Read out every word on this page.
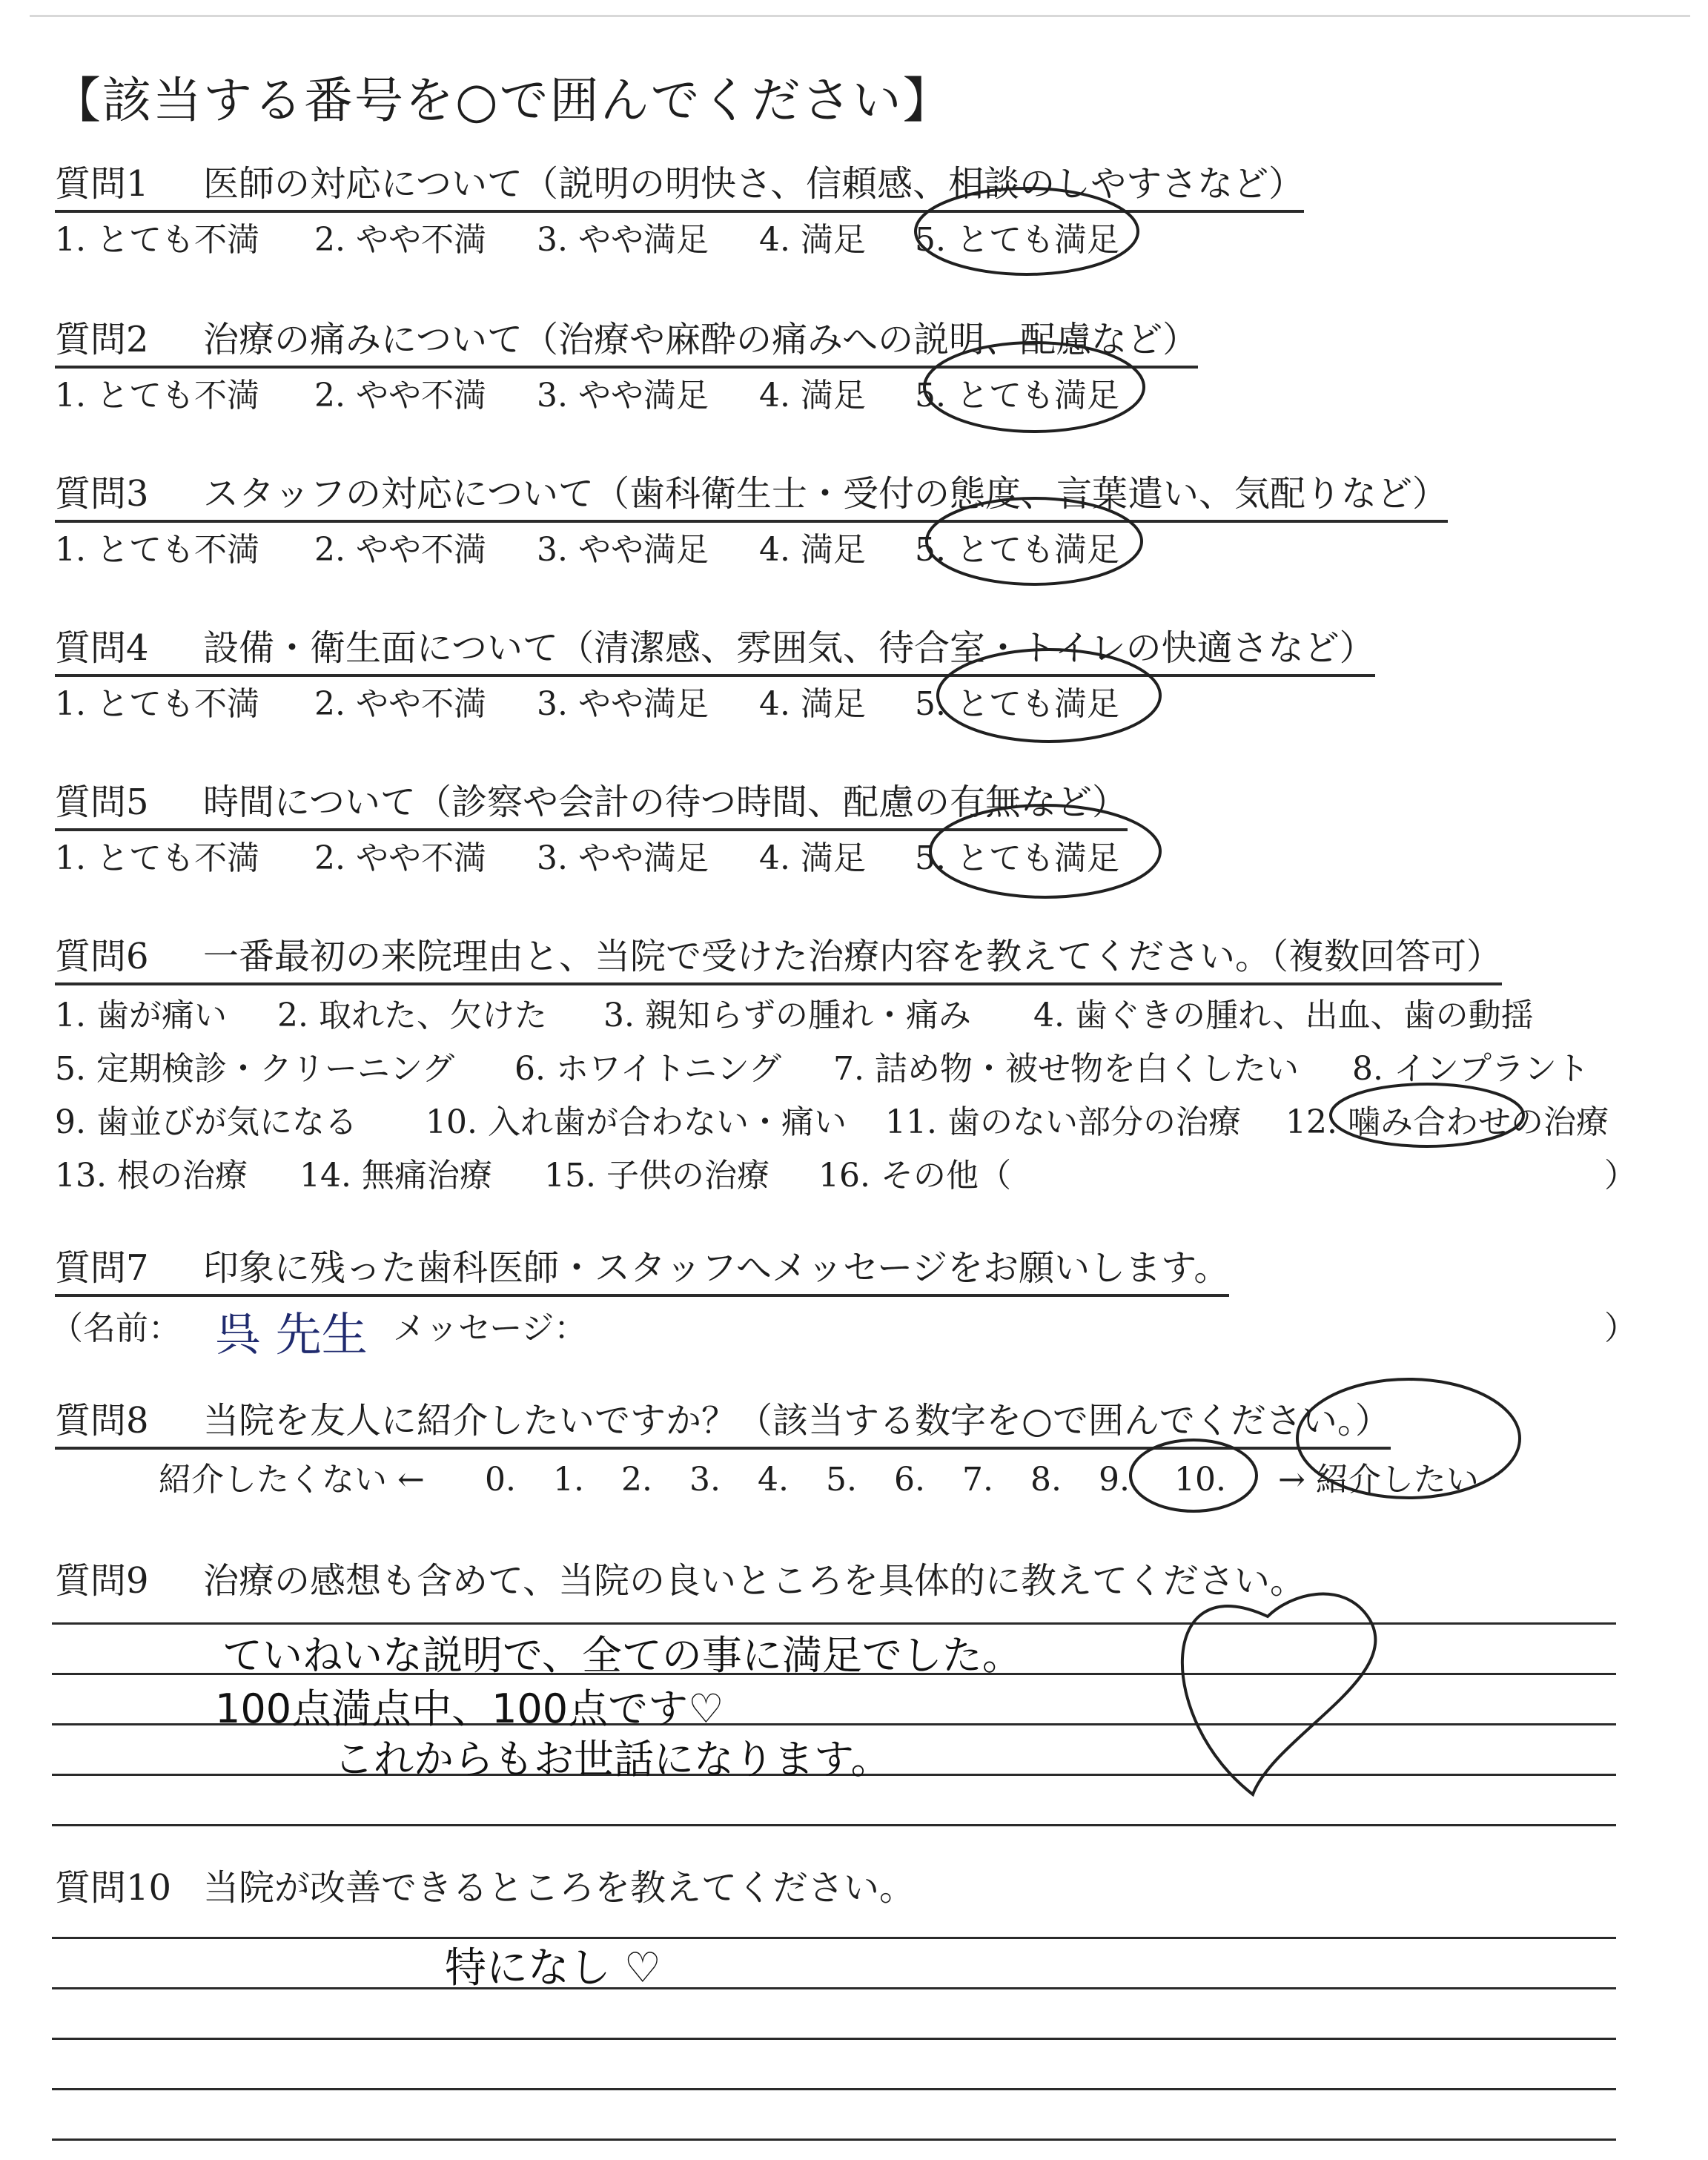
【該当する番号を○で囲んでください】
質問1 医師の対応について（説明の明快さ、信頼感、相談のしやすさなど）
1. とても不満 2. やや不満 3. やや満足 4. 満足 5. とても満足
質問2 治療の痛みについて（治療や麻酔の痛みへの説明、配慮など）
1. とても不満 2. やや不満 3. やや満足 4. 満足 5. とても満足
質問3 スタッフの対応について（歯科衛生士・受付の態度、言葉遣い、気配りなど）
1. とても不満 2. やや不満 3. やや満足 4. 満足 5. とても満足
質問4 設備・衛生面について（清潔感、雰囲気、待合室・トイレの快適さなど）
1. とても不満 2. やや不満 3. やや満足 4. 満足 5. とても満足
質問5 時間について（診察や会計の待つ時間、配慮の有無など）
1. とても不満 2. やや不満 3. やや満足 4. 満足 5. とても満足
質問6 一番最初の来院理由と、当院で受けた治療内容を教えてください。（複数回答可）
1. 歯が痛い 2. 取れた、欠けた 3. 親知らずの腫れ・痛み 4. 歯ぐきの腫れ、出血、歯の動揺
5. 定期検診・クリーニング 6. ホワイトニング 7. 詰め物・被せ物を白くしたい 8. インプラント
9. 歯並びが気になる 10. 入れ歯が合わない・痛い 11. 歯のない部分の治療 12. 噛み合わせの治療
13. 根の治療 14. 無痛治療 15. 子供の治療 16. その他（	）
質問7 印象に残った歯科医師・スタッフへメッセージをお願いします。
（名前： 呉 先生 メッセージ：	）
質問8 当院を友人に紹介したいですか？（該当する数字を○で囲んでください。）
紹介したくない ← 0. 1. 2. 3. 4. 5. 6. 7. 8. 9. 10. → 紹介したい
質問9 治療の感想も含めて、当院の良いところを具体的に教えてください。
ていねいな説明で、全ての事に満足でした。
100点満点中、100点です♡
これからもお世話になります。
質問10 当院が改善できるところを教えてください。
特になし ♡
